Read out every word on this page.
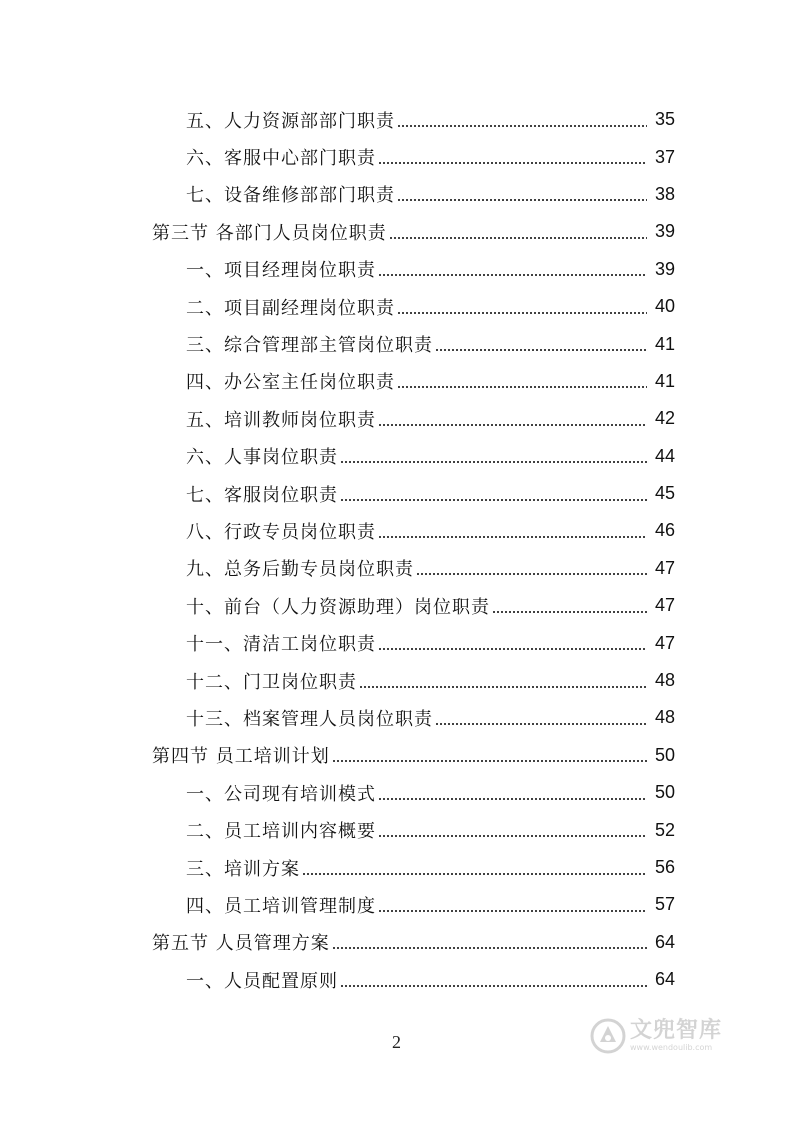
五、人力资源部部门职责	35
六、客服中心部门职责	37
七、设备维修部部门职责	38
第三节 各部门人员岗位职责	39
一、项目经理岗位职责	39
二、项目副经理岗位职责	40
三、综合管理部主管岗位职责	41
四、办公室主任岗位职责	41
五、培训教师岗位职责	42
六、人事岗位职责	44
七、客服岗位职责	45
八、行政专员岗位职责	46
九、总务后勤专员岗位职责	47
十、前台（人力资源助理）岗位职责	47
十一、清洁工岗位职责	47
十二、门卫岗位职责	48
十三、档案管理人员岗位职责	48
第四节 员工培训计划	50
一、公司现有培训模式	50
二、员工培训内容概要	52
三、培训方案	56
四、员工培训管理制度	57
第五节 人员管理方案	64
一、人员配置原则	64
2	文兜智库
www.wendoulib.com
